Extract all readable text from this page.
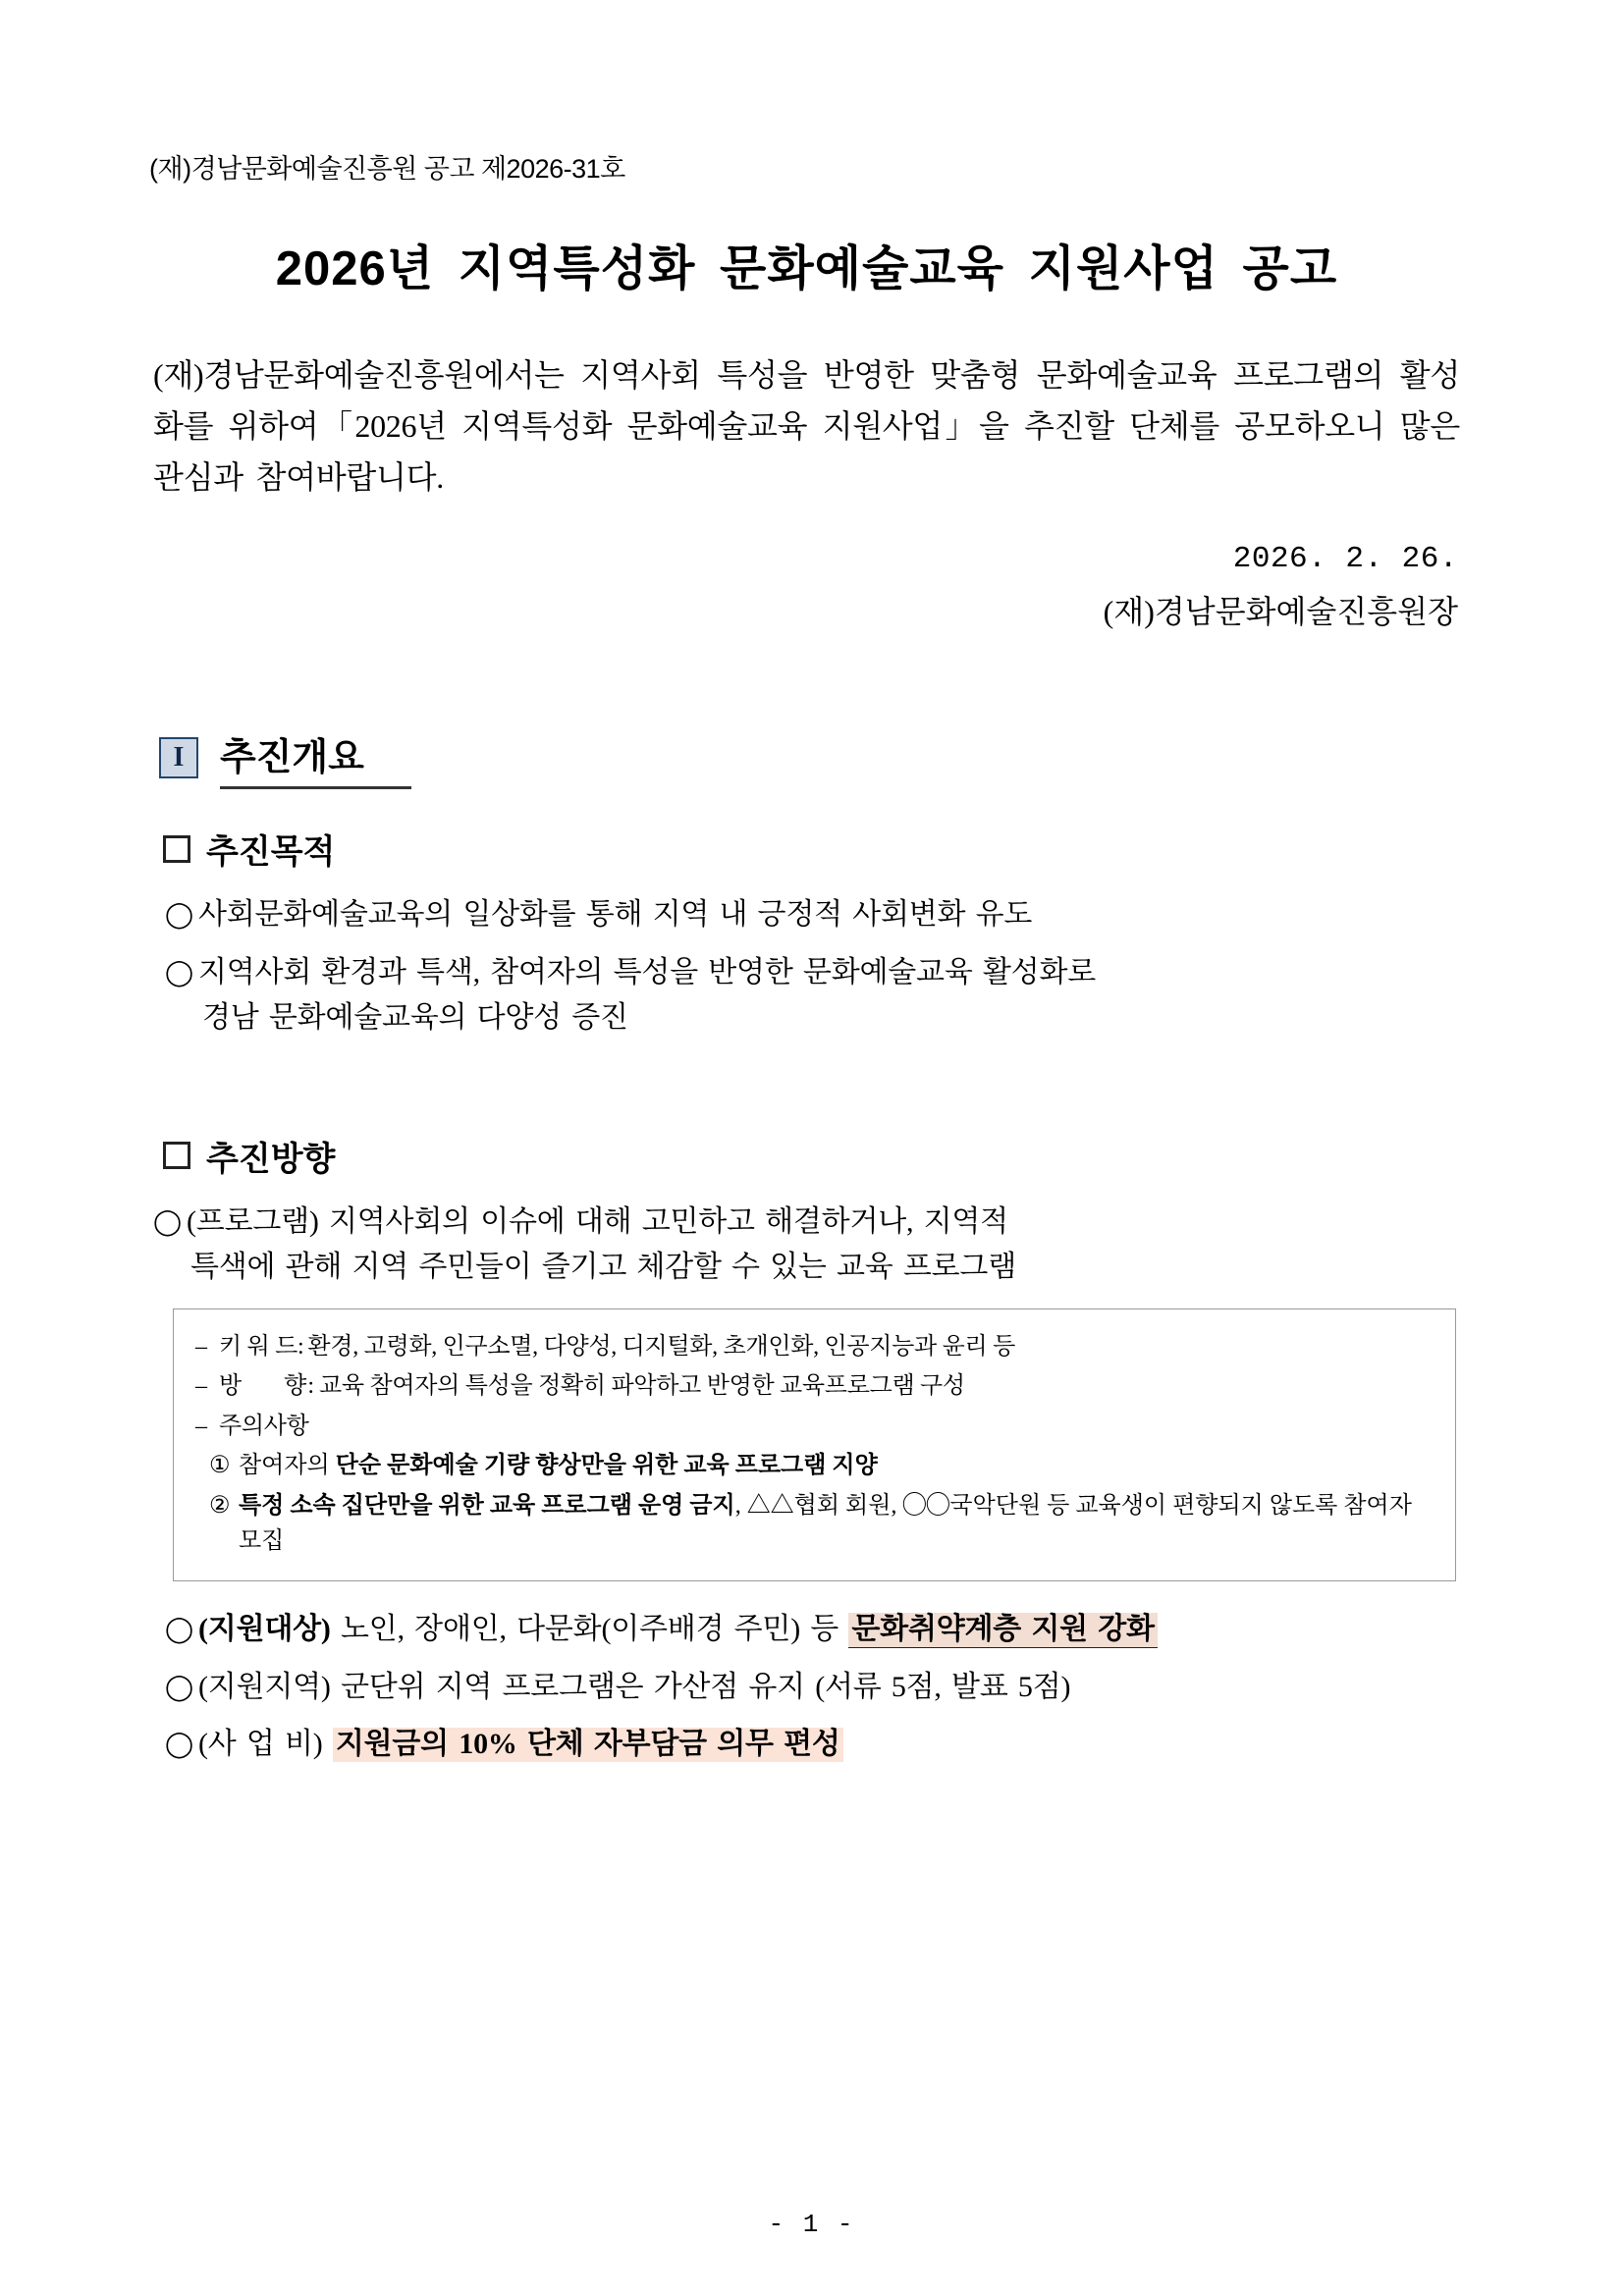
(재)경남문화예술진흥원 공고 제2026-31호
2026년 지역특성화 문화예술교육 지원사업 공고

(재)경남문화예술진흥원에서는 지역사회 특성을 반영한 맞춤형 문화예술교육 프로그램의 활성화를 위하여「2026년 지역특성화 문화예술교육 지원사업」을 추진할 단체를 공모하오니 많은 관심과 참여바랍니다.

2026. 2. 26.
(재)경남문화예술진흥원장
I 추진개요
추진목적
◯ 사회문화예술교육의 일상화를 통해 지역 내 긍정적 사회변화 유도
◯ 지역사회 환경과 특색, 참여자의 특성을 반영한 문화예술교육 활성화로
경남 문화예술교육의 다양성 증진
추진방향
◯ (프로그램) 지역사회의 이슈에 대해 고민하고 해결하거나, 지역적
특색에 관해 지역 주민들이 즐기고 체감할 수 있는 교육 프로그램
– 키 워 드: 환경, 고령화, 인구소멸, 다양성, 디지털화, 초개인화, 인공지능과 윤리 등
– 방      향: 교육 참여자의 특성을 정확히 파악하고 반영한 교육프로그램 구성
– 주의사항
① 참여자의 단순 문화예술 기량 향상만을 위한 교육 프로그램 지양
② 특정 소속 집단만을 위한 교육 프로그램 운영 금지, △△협회 회원, ◯◯국악단원 등 교육생이 편향되지 않도록 참여자 모집
◯ (지원대상) 노인, 장애인, 다문화(이주배경 주민) 등 문화취약계층 지원 강화
◯ (지원지역) 군단위 지역 프로그램은 가산점 유지 (서류 5점, 발표 5점)
◯ (사 업 비) 지원금의 10% 단체 자부담금 의무 편성
- 1 -
